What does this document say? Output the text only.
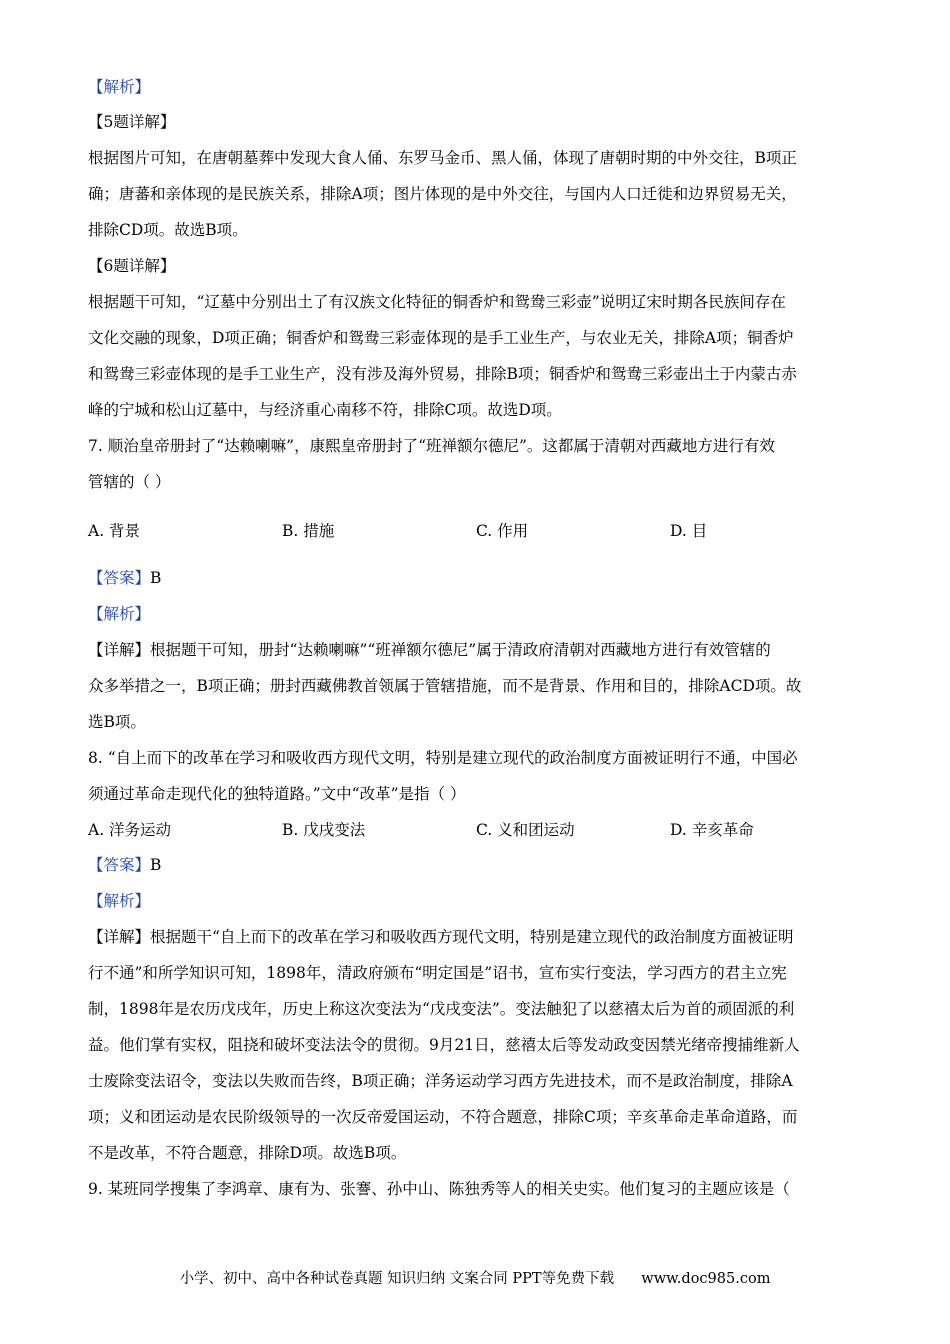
【解析】
【5题详解】
根据图片可知，在唐朝墓葬中发现大食人俑、东罗马金币、黑人俑，体现了唐朝时期的中外交往，B项正
确；唐蕃和亲体现的是民族关系，排除A项；图片体现的是中外交往，与国内人口迁徙和边界贸易无关，
排除CD项。故选B项。
【6题详解】
根据题干可知，“辽墓中分别出土了有汉族文化特征的铜香炉和鸳鸯三彩壶”说明辽宋时期各民族间存在
文化交融的现象，D项正确；铜香炉和鸳鸯三彩壶体现的是手工业生产，与农业无关，排除A项；铜香炉
和鸳鸯三彩壶体现的是手工业生产，没有涉及海外贸易，排除B项；铜香炉和鸳鸯三彩壶出土于内蒙古赤
峰的宁城和松山辽墓中，与经济重心南移不符，排除C项。故选D项。
7. 顺治皇帝册封了“达赖喇嘛”，康熙皇帝册封了“班禅额尔德尼”。这都属于清朝对西藏地方进行有效
管辖的（ ）
A. 背景	B. 措施	C. 作用	D. 目
【答案】B
【解析】
【详解】根据题干可知，册封“达赖喇嘛”“班禅额尔德尼”属于清政府清朝对西藏地方进行有效管辖的
众多举措之一，B项正确；册封西藏佛教首领属于管辖措施，而不是背景、作用和目的，排除ACD项。故
选B项。
8. “自上而下的改革在学习和吸收西方现代文明，特别是建立现代的政治制度方面被证明行不通，中国必
须通过革命走现代化的独特道路。”文中“改革”是指（ ）
A. 洋务运动	B. 戊戌变法	C. 义和团运动	D. 辛亥革命
【答案】B
【解析】
【详解】根据题干“自上而下的改革在学习和吸收西方现代文明，特别是建立现代的政治制度方面被证明
行不通”和所学知识可知，1898年，清政府颁布“明定国是”诏书，宣布实行变法，学习西方的君主立宪
制，1898年是农历戊戌年，历史上称这次变法为“戊戌变法”。变法触犯了以慈禧太后为首的顽固派的利
益。他们掌有实权，阻挠和破坏变法法令的贯彻。9月21日，慈禧太后等发动政变因禁光绪帝搜捕维新人
士废除变法诏令，变法以失败而告终，B项正确；洋务运动学习西方先进技术，而不是政治制度，排除A
项；义和团运动是农民阶级领导的一次反帝爱国运动，不符合题意，排除C项；辛亥革命走革命道路，而
不是改革，不符合题意，排除D项。故选B项。
9. 某班同学搜集了李鸿章、康有为、张謇、孙中山、陈独秀等人的相关史实。他们复习的主题应该是（
小学、初中、高中各种试卷真题 知识归纳 文案合同 PPT等免费下载 www.doc985.com
